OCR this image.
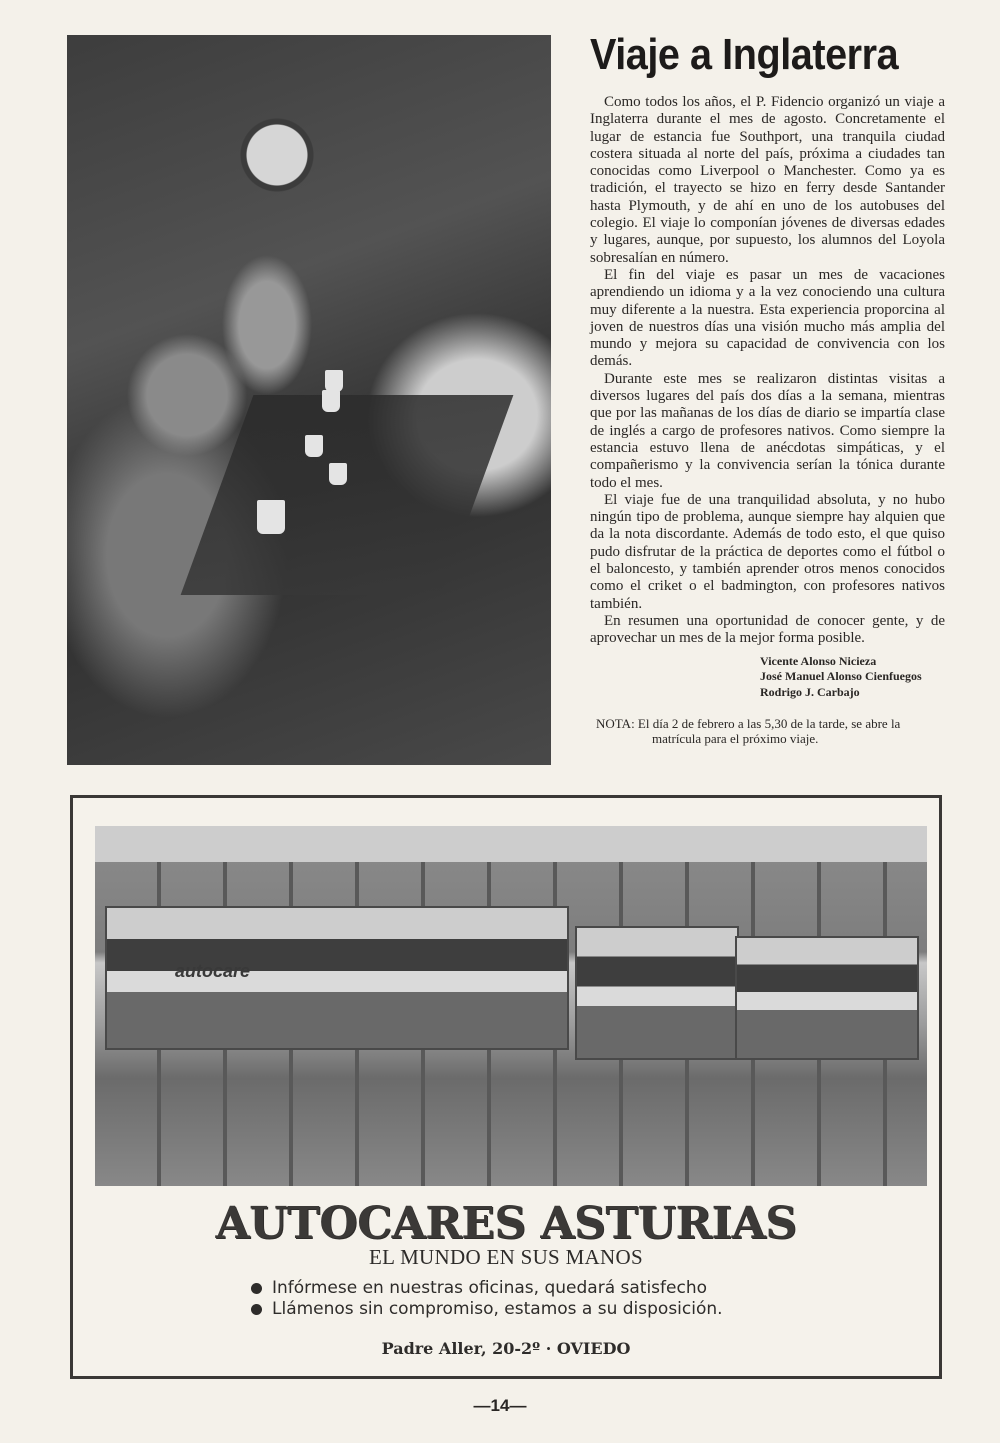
Viaje a Inglaterra

Como todos los años, el P. Fidencio organizó un viaje a Inglaterra durante el mes de agosto. Concretamente el lugar de estancia fue Southport, una tranquila ciudad costera situada al norte del país, próxima a ciudades tan conocidas como Liverpool o Manchester. Como ya es tradición, el trayecto se hizo en ferry desde Santander hasta Plymouth, y de ahí en uno de los autobuses del colegio. El viaje lo componían jóvenes de diversas edades y lugares, aunque, por supuesto, los alumnos del Loyola sobresalían en número.

El fin del viaje es pasar un mes de vacaciones aprendiendo un idioma y a la vez conociendo una cultura muy diferente a la nuestra. Esta experiencia proporcina al joven de nuestros días una visión mucho más amplia del mundo y mejora su capacidad de convivencia con los demás.

Durante este mes se realizaron distintas visitas a diversos lugares del país dos días a la semana, mientras que por las mañanas de los días de diario se impartía clase de inglés a cargo de profesores nativos. Como siempre la estancia estuvo llena de anécdotas simpáticas, y el compañerismo y la convivencia serían la tónica durante todo el mes.

El viaje fue de una tranquilidad absoluta, y no hubo ningún tipo de problema, aunque siempre hay alquien que da la nota discordante. Además de todo esto, el que quiso pudo disfrutar de la práctica de deportes como el fútbol o el baloncesto, y también aprender otros menos conocidos como el criket o el badmington, con profesores nativos también.

En resumen una oportunidad de conocer gente, y de aprovechar un mes de la mejor forma posible.

Vicente Alonso Nicieza
José Manuel Alonso Cienfuegos
Rodrigo J. Carbajo
NOTA: El día 2 de febrero a las 5,30 de la tarde, se abre la matrícula para el próximo viaje.
autocare
AUTOCARES ASTURIAS
EL MUNDO EN SUS MANOS
Infórmese en nuestras oficinas, quedará satisfecho
Llámenos sin compromiso, estamos a su disposición.
Padre Aller, 20-2º · OVIEDO
—14—
